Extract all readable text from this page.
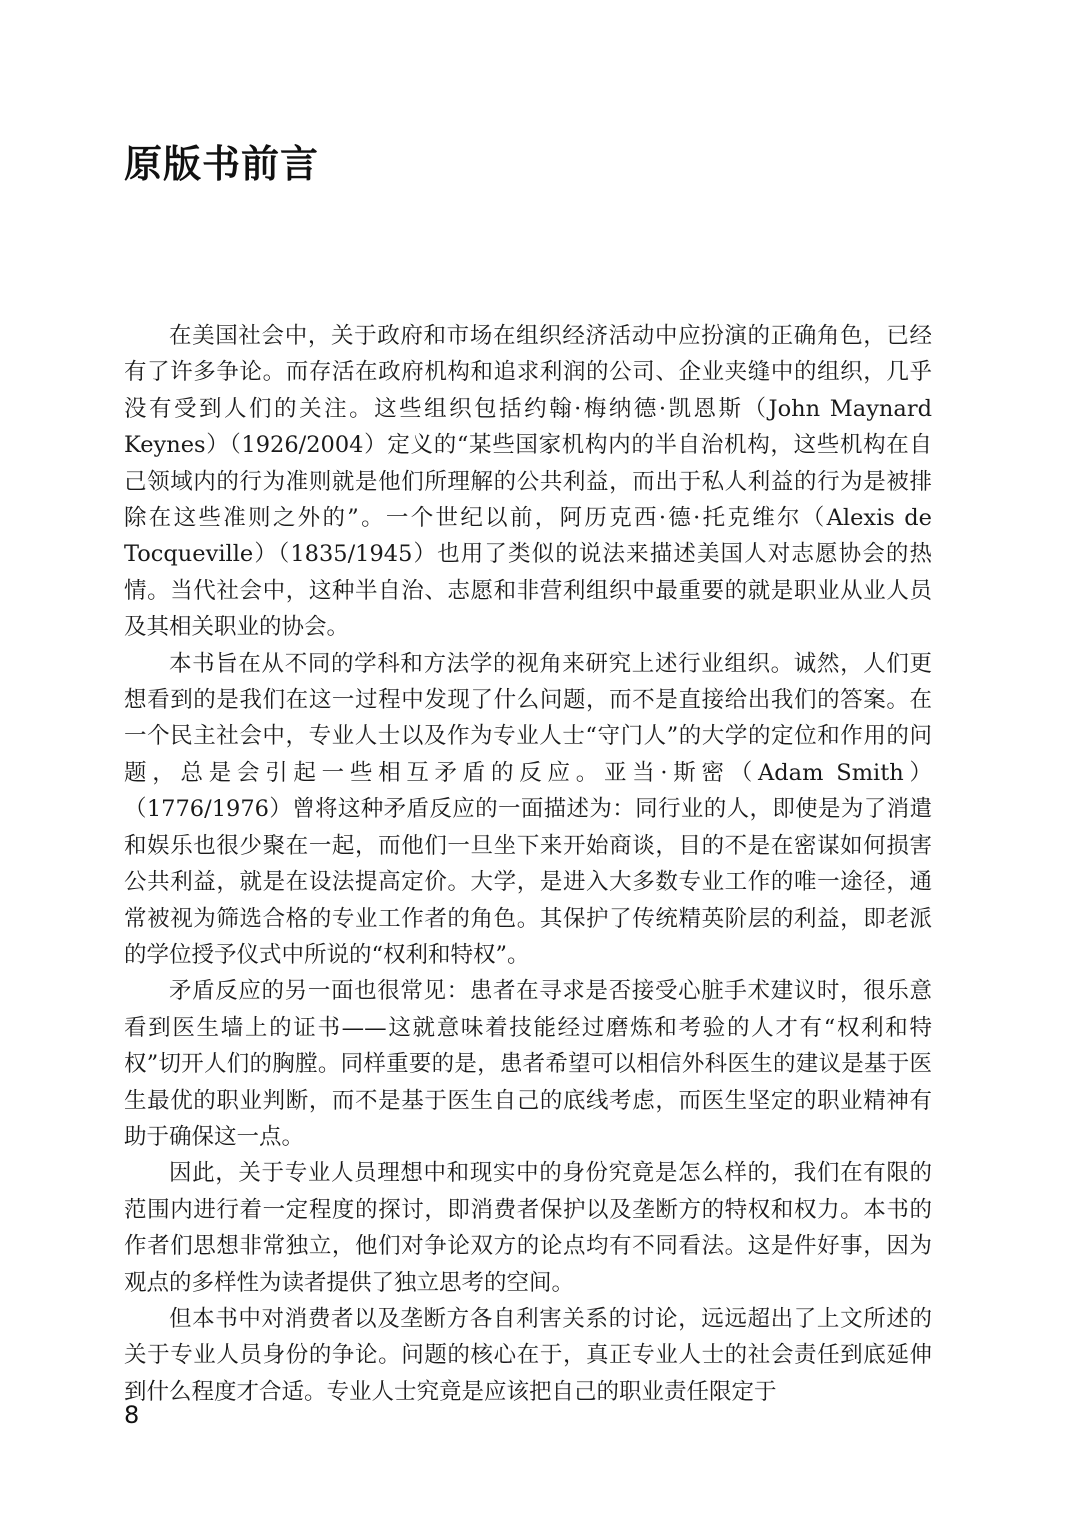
原版书前言

在美国社会中，关于政府和市场在组织经济活动中应扮演的正确角色，已经有了许多争论。而存活在政府机构和追求利润的公司、企业夹缝中的组织，几乎没有受到人们的关注。这些组织包括约翰·梅纳德·凯恩斯（John Maynard Keynes）（1926/2004）定义的“某些国家机构内的半自治机构，这些机构在自己领域内的行为准则就是他们所理解的公共利益，而出于私人利益的行为是被排除在这些准则之外的”。一个世纪以前，阿历克西·德·托克维尔（Alexis de Tocqueville）（1835/1945）也用了类似的说法来描述美国人对志愿协会的热情。当代社会中，这种半自治、志愿和非营利组织中最重要的就是职业从业人员及其相关职业的协会。

本书旨在从不同的学科和方法学的视角来研究上述行业组织。诚然，人们更想看到的是我们在这一过程中发现了什么问题，而不是直接给出我们的答案。在一个民主社会中，专业人士以及作为专业人士“守门人”的大学的定位和作用的问题，总是会引起一些相互矛盾的反应。亚当·斯密（Adam Smith）（1776/1976）曾将这种矛盾反应的一面描述为：同行业的人，即使是为了消遣和娱乐也很少聚在一起，而他们一旦坐下来开始商谈，目的不是在密谋如何损害公共利益，就是在设法提高定价。大学，是进入大多数专业工作的唯一途径，通常被视为筛选合格的专业工作者的角色。其保护了传统精英阶层的利益，即老派的学位授予仪式中所说的“权利和特权”。

矛盾反应的另一面也很常见：患者在寻求是否接受心脏手术建议时，很乐意看到医生墙上的证书——这就意味着技能经过磨炼和考验的人才有“权利和特权”切开人们的胸膛。同样重要的是，患者希望可以相信外科医生的建议是基于医生最优的职业判断，而不是基于医生自己的底线考虑，而医生坚定的职业精神有助于确保这一点。

因此，关于专业人员理想中和现实中的身份究竟是怎么样的，我们在有限的范围内进行着一定程度的探讨，即消费者保护以及垄断方的特权和权力。本书的作者们思想非常独立，他们对争论双方的论点均有不同看法。这是件好事，因为观点的多样性为读者提供了独立思考的空间。

但本书中对消费者以及垄断方各自利害关系的讨论，远远超出了上文所述的关于专业人员身份的争论。问题的核心在于，真正专业人士的社会责任到底延伸到什么程度才合适。专业人士究竟是应该把自己的职业责任限定于

8
